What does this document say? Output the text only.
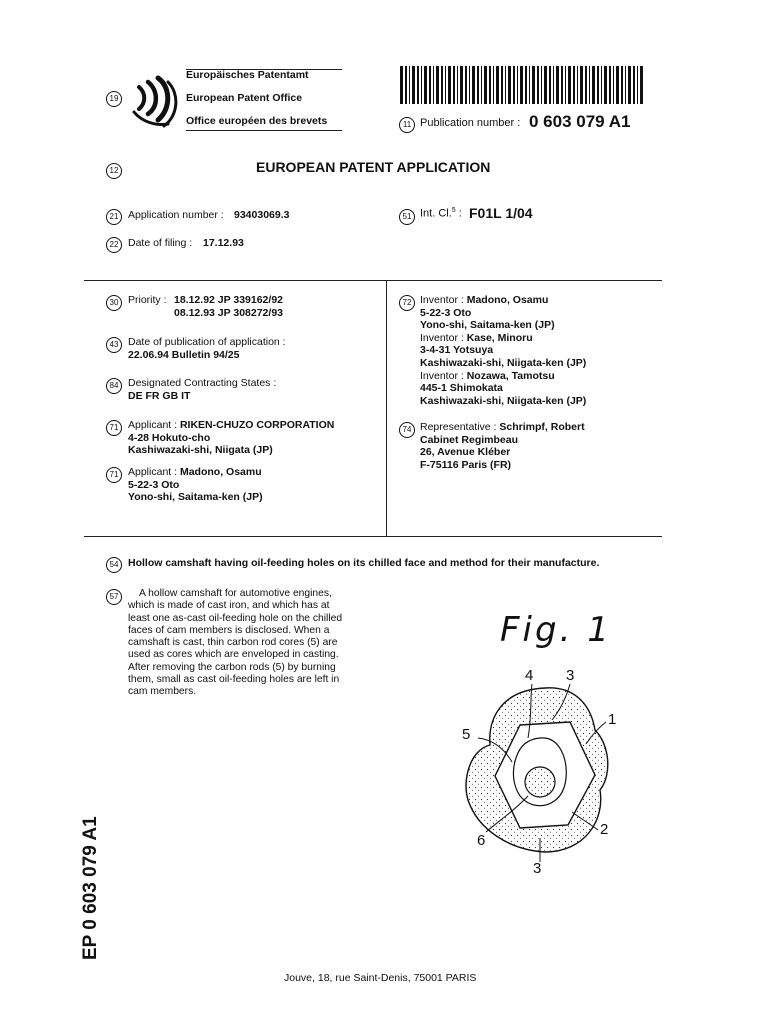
19
Europäisches Patentamt
European Patent Office
Office européen des brevets	11 Publication number : 0 603 079 A1
12	EUROPEAN PATENT APPLICATION
21 Application number : 93403069.3
22 Date of filing : 17.12.93
51 Int. Cl.$^5$ : F01L 1/04
30 Priority : 18.12.92 JP 339162/92
08.12.93 JP 308272/93
43 Date of publication of application :
22.06.94 Bulletin 94/25
84 Designated Contracting States :
DE FR GB IT
71 Applicant : RIKEN-CHUZO CORPORATION
4-28 Hokuto-cho
Kashiwazaki-shi, Niigata (JP)
71 Applicant : Madono, Osamu
5-22-3 Oto
Yono-shi, Saitama-ken (JP)
72 Inventor : Madono, Osamu
5-22-3 Oto
Yono-shi, Saitama-ken (JP)
Inventor : Kase, Minoru
3-4-31 Yotsuya
Kashiwazaki-shi, Niigata-ken (JP)
Inventor : Nozawa, Tamotsu
445-1 Shimokata
Kashiwazaki-shi, Niigata-ken (JP)
74 Representative : Schrimpf, Robert
Cabinet Regimbeau
26, Avenue Kléber
F-75116 Paris (FR)
54 Hollow camshaft having oil-feeding holes on its chilled face and method for their manufacture.
57	A hollow camshaft for automotive engines,
which is made of cast iron, and which has at
least one as-cast oil-feeding hole on the chilled
faces of cam members is disclosed. When a
camshaft is cast, thin carbon rod cores (5) are
used as cores which are enveloped in casting.
After removing the carbon rods (5) by burning
them, small as cast oil-feeding holes are left in
cam members.
Fig. 1
4 3
1
5
6
2
3
EP 0 603 079 A1
Jouve, 18, rue Saint-Denis, 75001 PARIS
